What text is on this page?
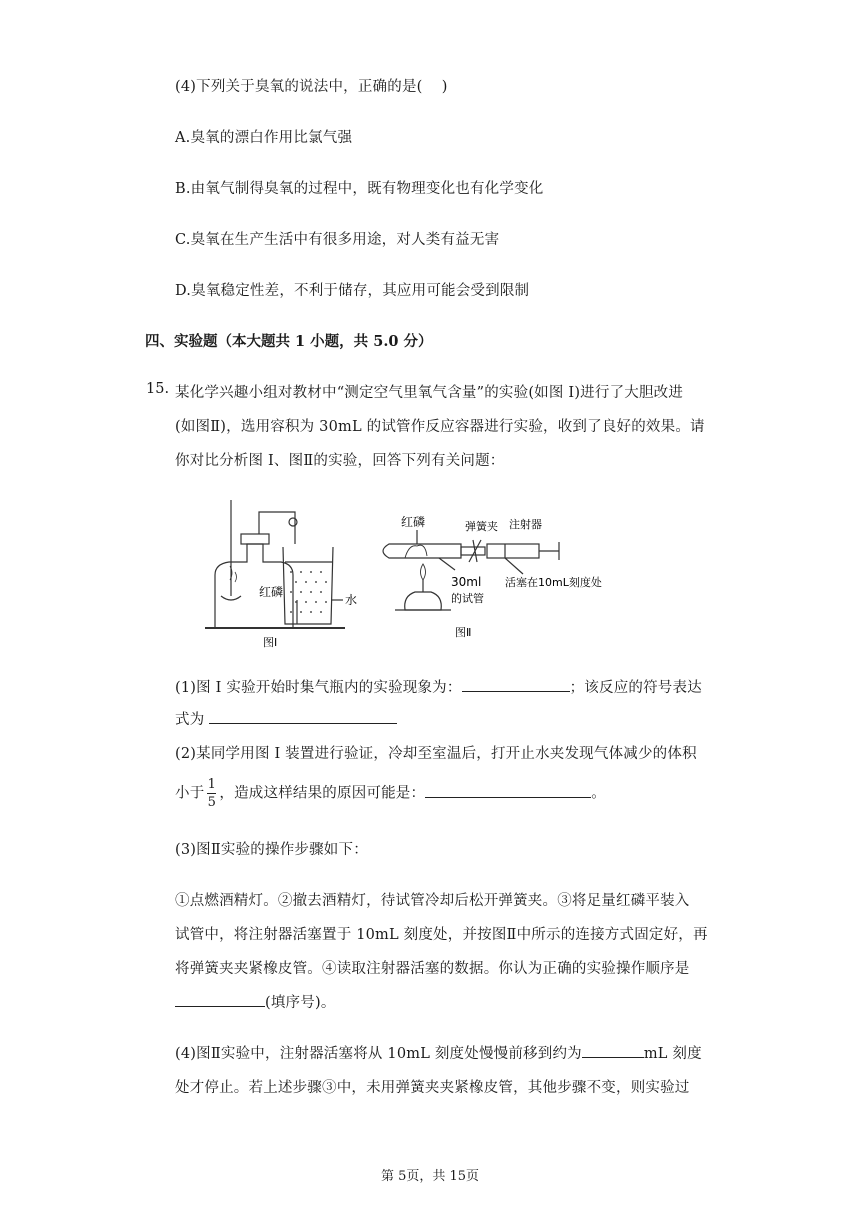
(4)下列关于臭氧的说法中，正确的是(    )
A.臭氧的漂白作用比氯气强
B.由氧气制得臭氧的过程中，既有物理变化也有化学变化
C.臭氧在生产生活中有很多用途，对人类有益无害
D.臭氧稳定性差，不利于储存，其应用可能会受到限制
四、实验题（本大题共 1 小题，共 5.0 分）
15. 某化学兴趣小组对教材中“测定空气里氧气含量”的实验(如图 I)进行了大胆改进
(如图Ⅱ)，选用容积为 30mL 的试管作反应容器进行实验，收到了良好的效果。请
你对比分析图 I、图Ⅱ的实验，回答下列有关问题：
红磷
水
图Ⅰ
红磷	弹簧夹 注射器
30ml
的试管
活塞在10mL刻度处
图Ⅱ
(1)图 I 实验开始时集气瓶内的实验现象为：	；该反应的符号表达
式为
(2)某同学用图 I 装置进行验证，冷却至室温后，打开止水夹发现气体减少的体积
小于 $\frac{1}{5}$ ，造成这样结果的原因可能是：	。
(3)图Ⅱ实验的操作步骤如下：
①点燃酒精灯。②撤去酒精灯，待试管冷却后松开弹簧夹。③将足量红磷平装入
试管中，将注射器活塞置于 10mL 刻度处，并按图Ⅱ中所示的连接方式固定好，再
将弹簧夹夹紧橡皮管。④读取注射器活塞的数据。你认为正确的实验操作顺序是
(填序号)。
(4)图Ⅱ实验中，注射器活塞将从 10mL 刻度处慢慢前移到约为	mL 刻度
处才停止。若上述步骤③中，未用弹簧夹夹紧橡皮管，其他步骤不变，则实验过
第 5页，共 15页
